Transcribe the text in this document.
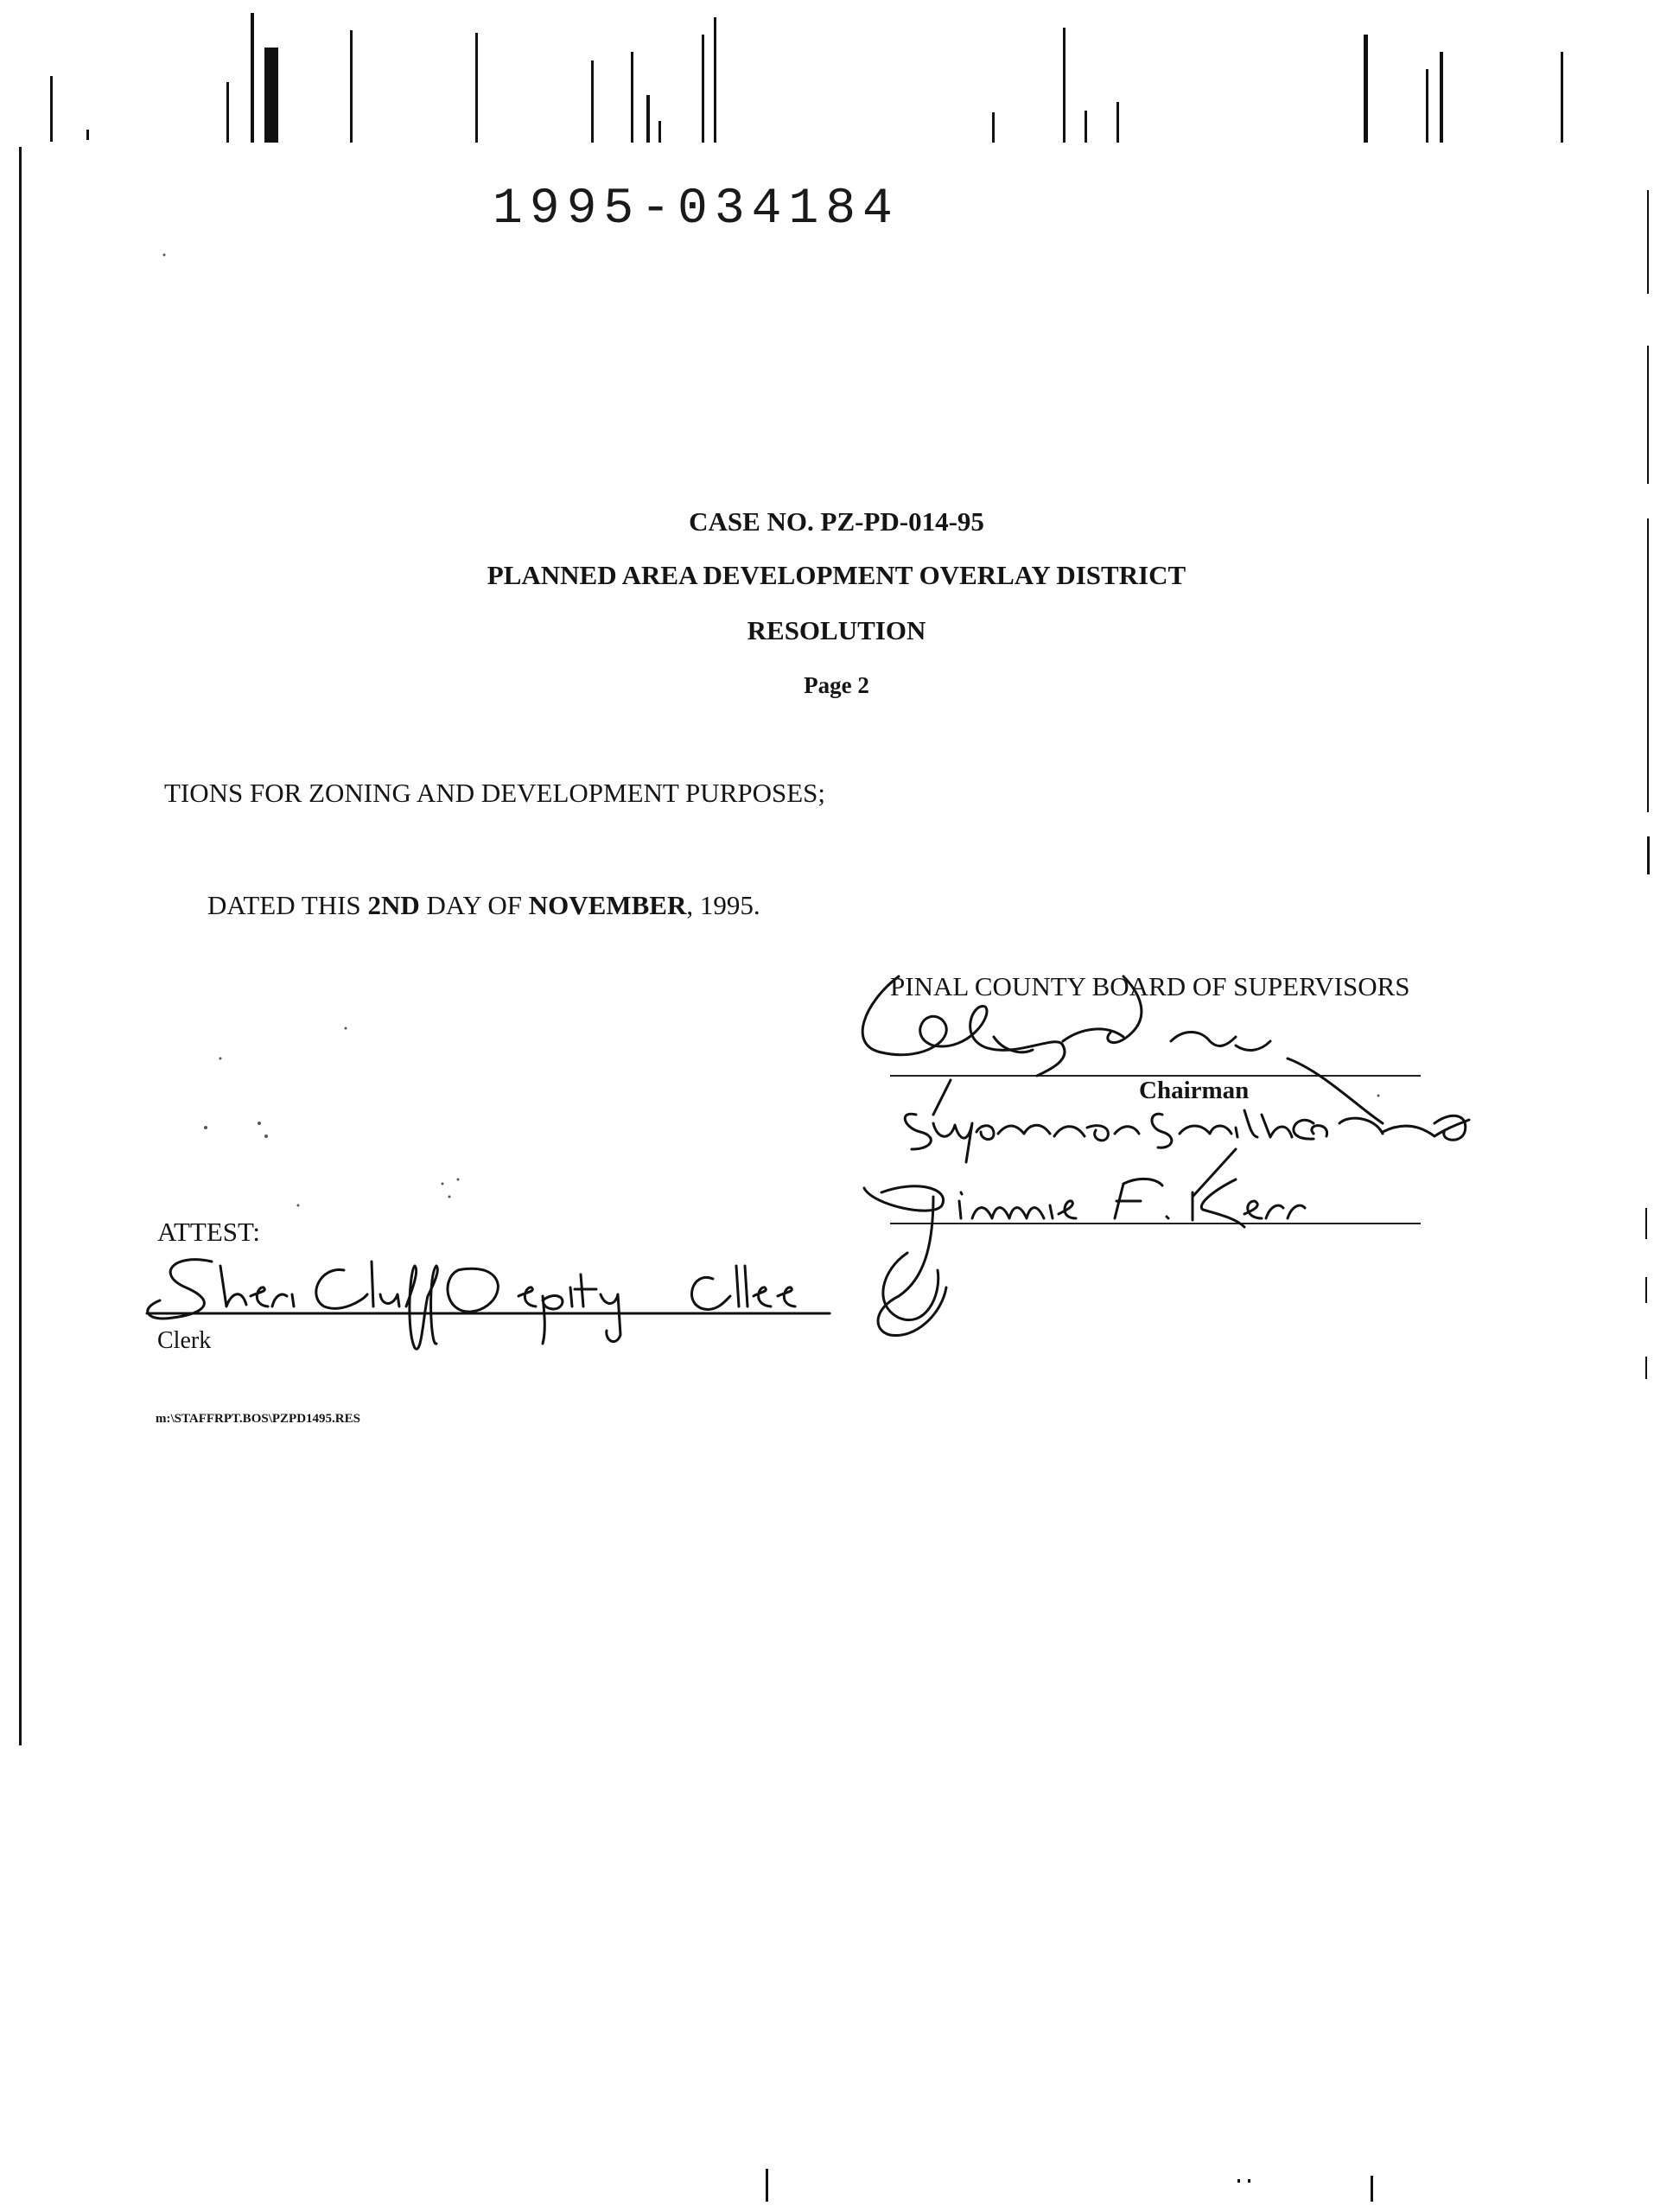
1995-034184
CASE NO. PZ-PD-014-95
PLANNED AREA DEVELOPMENT OVERLAY DISTRICT
RESOLUTION
Page 2
TIONS FOR ZONING AND DEVELOPMENT PURPOSES;
DATED THIS 2ND DAY OF NOVEMBER, 1995.
PINAL COUNTY BOARD OF SUPERVISORS
Chairman
ATTEST:
Clerk
m:\STAFFRPT.BOS\PZPD1495.RES
